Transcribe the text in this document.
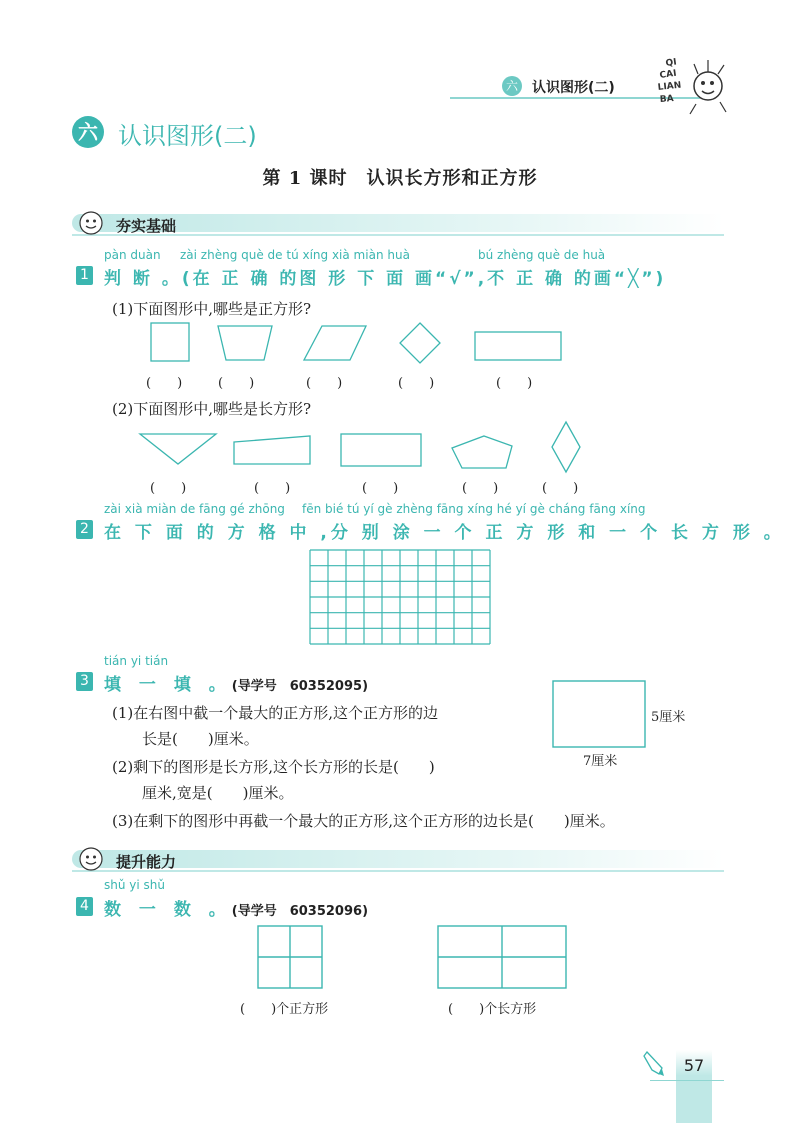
六 认识图形(二)
QI
CAI
LIAN
BA
六 认识图形(二)
第 1 课时　认识长方形和正方形
夯实基础
pàn duàn zài zhèng què de tú xíng xià miàn huà	bú zhèng què de huà
1 判 断 。(在 正 确 的图 形 下 面 画“√”,不 正 确 的画“╳”)
(1)下面图形中,哪些是正方形?
(　　)	(　　)	(　　)	(　　)	(　　)
(2)下面图形中,哪些是长方形?
(　　)	(　　)	(　　)	(　　)	(　　)
zài xià miàn de fāng gé zhōng fēn bié tú yí gè zhèng fāng xíng hé yí gè cháng fāng xíng
2 在 下 面 的 方 格 中 ,分 别 涂 一 个 正 方 形 和 一 个 长 方 形 。
tián yi tián
3 填 一 填 。(导学号　60352095)
(1)在右图中截一个最大的正方形,这个正方形的边
长是(　　)厘米。
(2)剩下的图形是长方形,这个长方形的长是(　　)
厘米,宽是(　　)厘米。
(3)在剩下的图形中再截一个最大的正方形,这个正方形的边长是(　　)厘米。
5厘米
7厘米
提升能力
shǔ yi shǔ
4 数 一 数 。(导学号　60352096)
(　　)个正方形	(　　)个长方形
57
